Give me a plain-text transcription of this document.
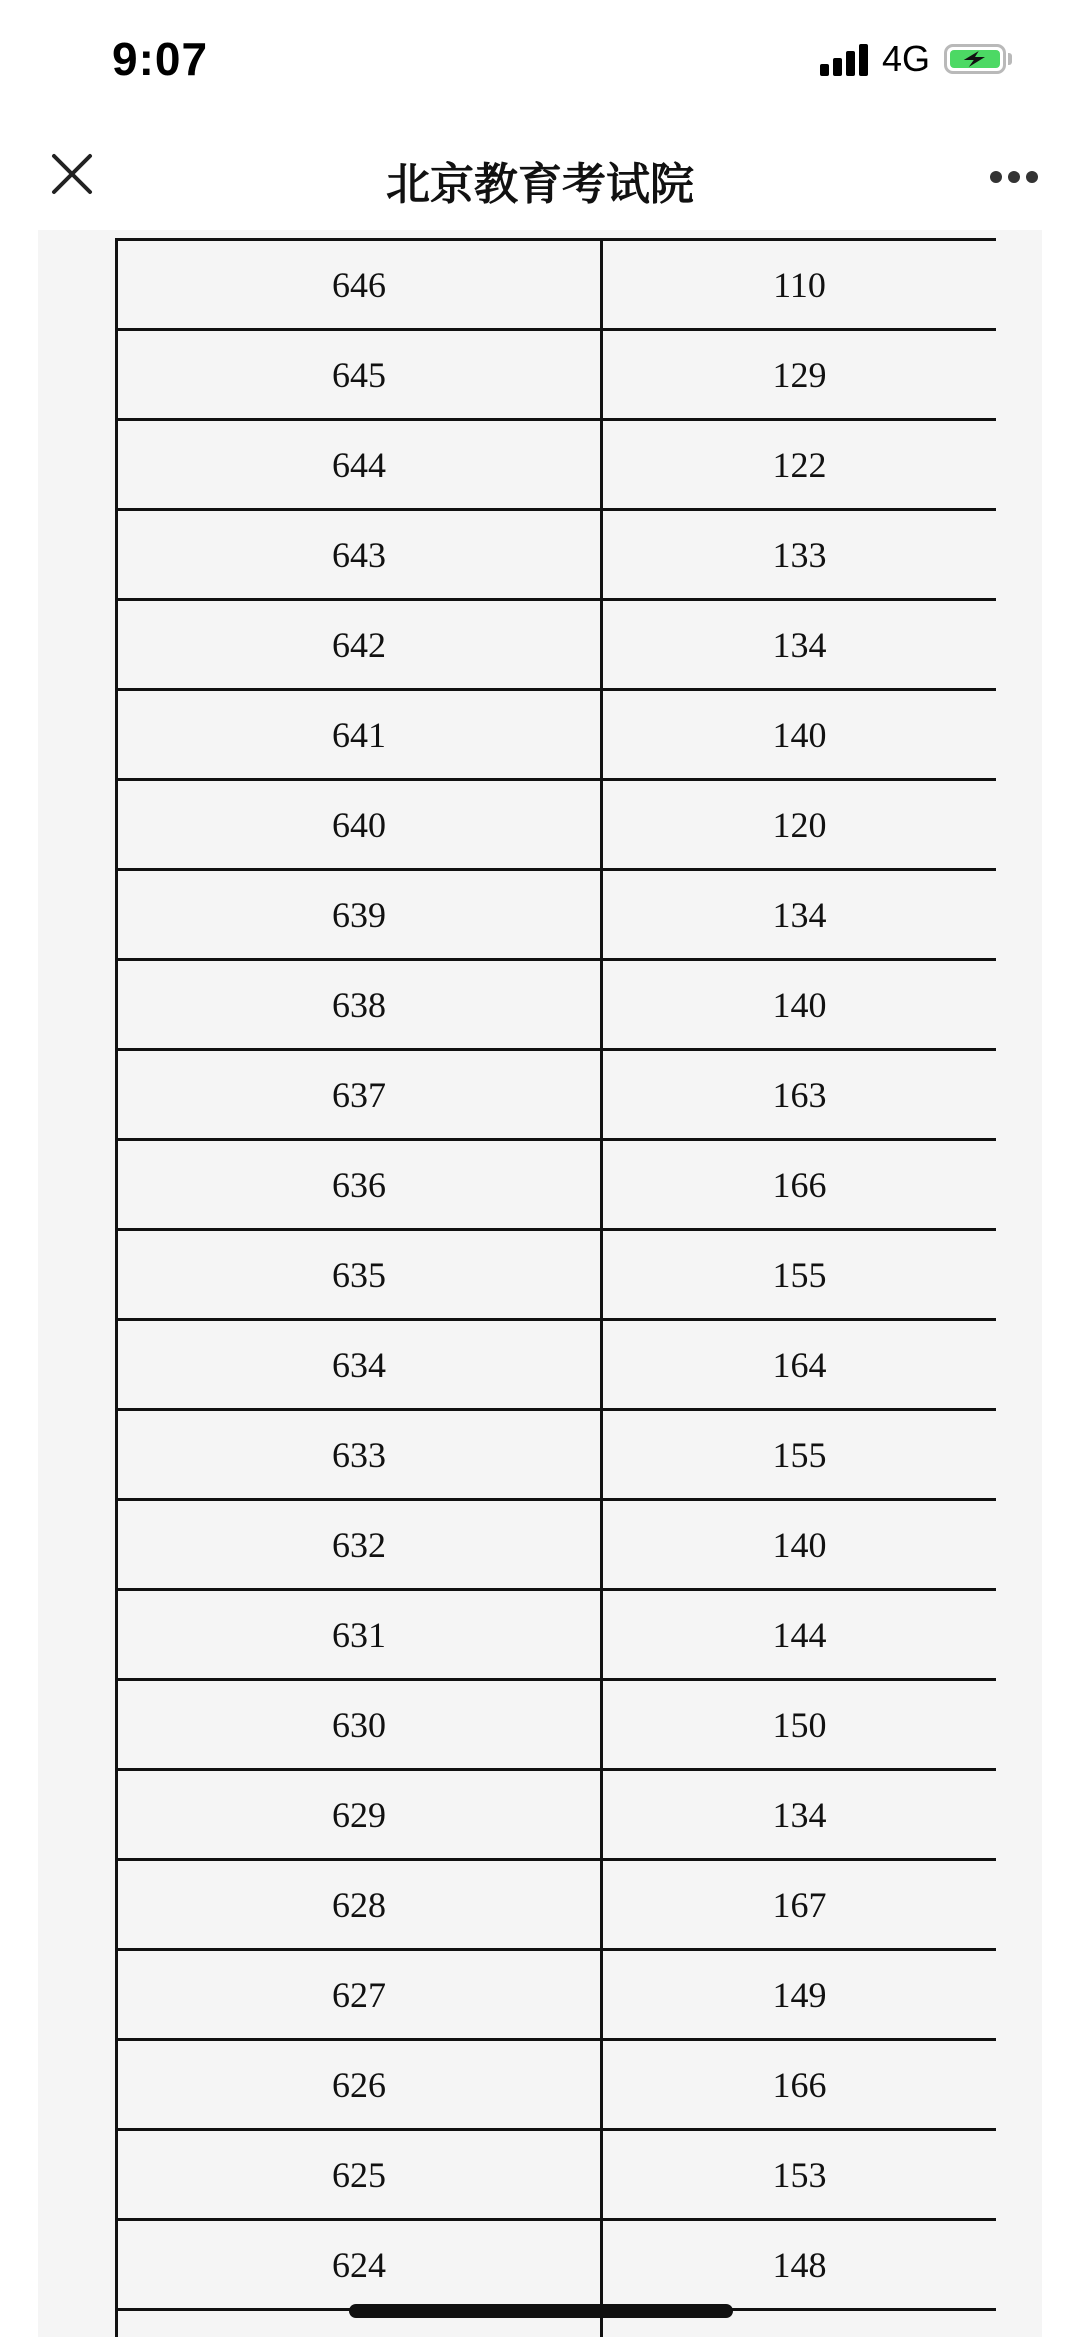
9:07	4G
北京教育考试院
646	110
645	129
644	122
643	133
642	134
641	140
640	120
639	134
638	140
637	163
636	166
635	155
634	164
633	155
632	140
631	144
630	150
629	134
628	167
627	149
626	166
625	153
624	148
